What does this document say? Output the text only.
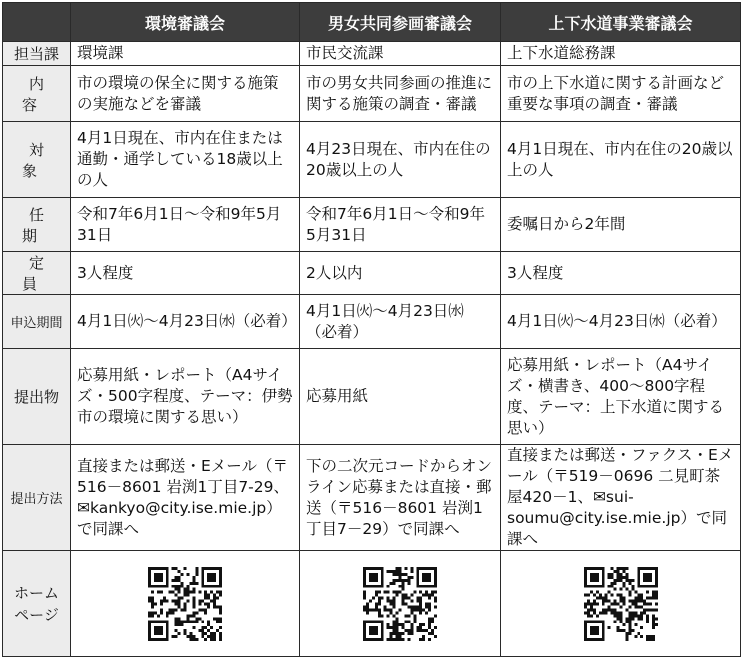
	環境審議会	男女共同参画審議会	上下水道事業審議会
担当課	環境課	市民交流課	上下水道総務課
内容	市の環境の保全に関する施策の実施などを審議	市の男女共同参画の推進に関する施策の調査・審議	市の上下水道に関する計画など重要な事項の調査・審議
対象	4月1日現在、市内在住または通勤・通学している18歳以上の人	4月23日現在、市内在住の20歳以上の人	4月1日現在、市内在住の20歳以上の人
任期	令和7年6月1日～令和9年5月31日	令和7年6月1日～令和9年5月31日	委嘱日から2年間
定員	3人程度	2人以内	3人程度
申込期間	4月1日㈫～4月23日㈬（必着）	4月1日㈫～4月23日㈬（必着）	4月1日㈫～4月23日㈬（必着）
提出物	応募用紙・レポート（A4サイズ・500字程度、テーマ：伊勢市の環境に関する思い）	応募用紙	応募用紙・レポート（A4サイズ・横書き、400～800字程度、テーマ：上下水道に関する思い）
提出方法	直接または郵送・Eメール（〒516－8601 岩渕1丁目7-29、✉kankyo@city.ise.mie.jp）で同課へ	下の二次元コードからオンライン応募または直接・郵送（〒516－8601 岩渕1丁目7－29）で同課へ	直接または郵送・ファクス・Eメール（〒519－0696 二見町茶屋420－1、✉sui-soumu@city.ise.mie.jp）で同課へ
ホームページ			
